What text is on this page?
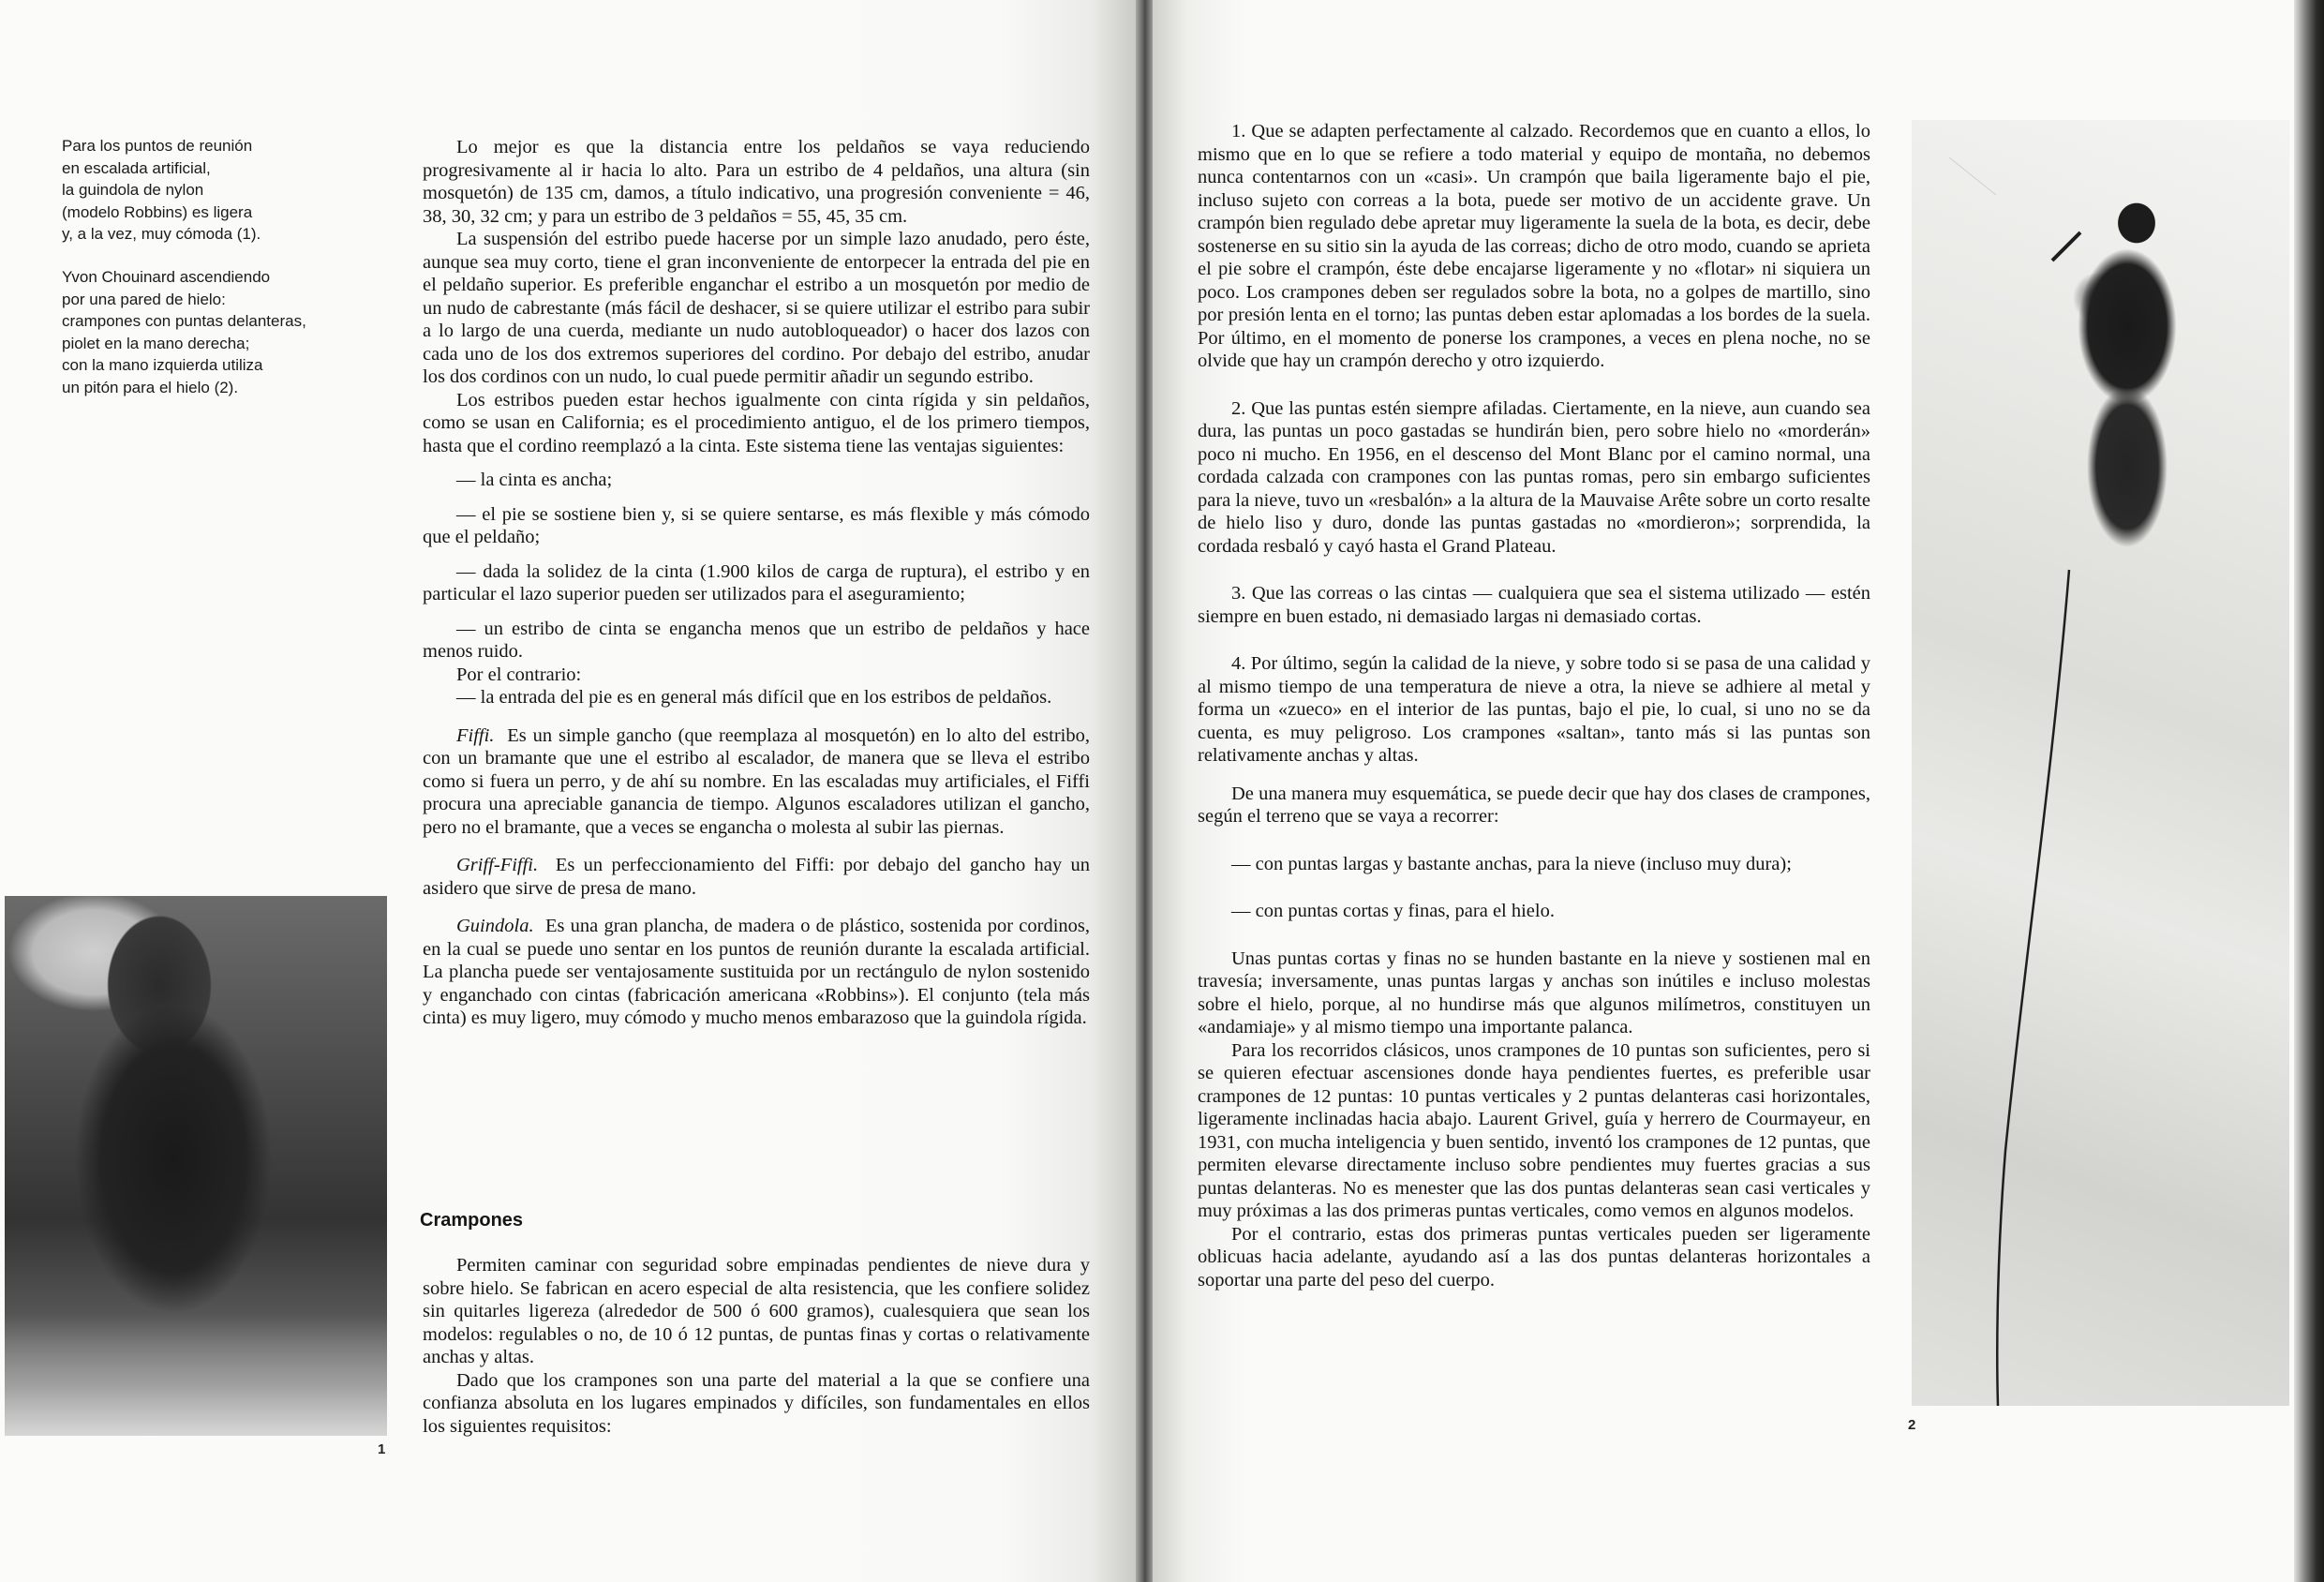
Para los puntos de reunión
en escalada artificial,
la guindola de nylon
(modelo Robbins) es ligera
y, a la vez, muy cómoda (1).
Yvon Chouinard ascendiendo
por una pared de hielo:
crampones con puntas delanteras,
piolet en la mano derecha;
con la mano izquierda utiliza
un pitón para el hielo (2).

Lo mejor es que la distancia entre los peldaños se vaya reduciendo progresivamente al ir hacia lo alto. Para un estribo de 4 peldaños, una altura (sin mosquetón) de 135 cm, damos, a título indicativo, una progresión conveniente = 46, 38, 30, 32 cm; y para un estribo de 3 peldaños = 55, 45, 35 cm.

La suspensión del estribo puede hacerse por un simple lazo anudado, pero éste, aunque sea muy corto, tiene el gran inconveniente de entorpecer la entrada del pie en el peldaño superior. Es preferible enganchar el estribo a un mosquetón por medio de un nudo de cabrestante (más fácil de deshacer, si se quiere utilizar el estribo para subir a lo largo de una cuerda, mediante un nudo autobloqueador) o hacer dos lazos con cada uno de los dos extremos superiores del cordino. Por debajo del estribo, anudar los dos cordinos con un nudo, lo cual puede permitir añadir un segundo estribo.

Los estribos pueden estar hechos igualmente con cinta rígida y sin peldaños, como se usan en California; es el procedimiento antiguo, el de los primero tiempos, hasta que el cordino reemplazó a la cinta. Este sistema tiene las ventajas siguientes:

— la cinta es ancha;

— el pie se sostiene bien y, si se quiere sentarse, es más flexible y más cómodo que el peldaño;

— dada la solidez de la cinta (1.900 kilos de carga de ruptura), el estribo y en particular el lazo superior pueden ser utilizados para el aseguramiento;

— un estribo de cinta se engancha menos que un estribo de peldaños y hace menos ruido.

Por el contrario:

— la entrada del pie es en general más difícil que en los estribos de peldaños.

Fiffi. Es un simple gancho (que reemplaza al mosquetón) en lo alto del estribo, con un bramante que une el estribo al escalador, de manera que se lleva el estribo como si fuera un perro, y de ahí su nombre. En las escaladas muy artificiales, el Fiffi procura una apreciable ganancia de tiempo. Algunos escaladores utilizan el gancho, pero no el bramante, que a veces se engancha o molesta al subir las piernas.

Griff-Fiffi. Es un perfeccionamiento del Fiffi: por debajo del gancho hay un asidero que sirve de presa de mano.

Guindola. Es una gran plancha, de madera o de plástico, sostenida por cordinos, en la cual se puede uno sentar en los puntos de reunión durante la escalada artificial. La plancha puede ser ventajosamente sustituida por un rectángulo de nylon sostenido y enganchado con cintas (fabricación americana «Robbins»). El conjunto (tela más cinta) es muy ligero, muy cómodo y mucho menos embarazoso que la guindola rígida.

Crampones

Permiten caminar con seguridad sobre empinadas pendientes de nieve dura y sobre hielo. Se fabrican en acero especial de alta resistencia, que les confiere solidez sin quitarles ligereza (alrededor de 500 ó 600 gramos), cualesquiera que sean los modelos: regulables o no, de 10 ó 12 puntas, de puntas finas y cortas o relativamente anchas y altas.

Dado que los crampones son una parte del material a la que se confiere una confianza absoluta en los lugares empinados y difíciles, son fundamentales en ellos los siguientes requisitos:

1

1. Que se adapten perfectamente al calzado. Recordemos que en cuanto a ellos, lo mismo que en lo que se refiere a todo material y equipo de montaña, no debemos nunca contentarnos con un «casi». Un crampón que baila ligeramente bajo el pie, incluso sujeto con correas a la bota, puede ser motivo de un accidente grave. Un crampón bien regulado debe apretar muy ligeramente la suela de la bota, es decir, debe sostenerse en su sitio sin la ayuda de las correas; dicho de otro modo, cuando se aprieta el pie sobre el crampón, éste debe encajarse ligeramente y no «flotar» ni siquiera un poco. Los crampones deben ser regulados sobre la bota, no a golpes de martillo, sino por presión lenta en el torno; las puntas deben estar aplomadas a los bordes de la suela. Por último, en el momento de ponerse los crampones, a veces en plena noche, no se olvide que hay un crampón derecho y otro izquierdo.

2. Que las puntas estén siempre afiladas. Ciertamente, en la nieve, aun cuando sea dura, las puntas un poco gastadas se hundirán bien, pero sobre hielo no «morderán» poco ni mucho. En 1956, en el descenso del Mont Blanc por el camino normal, una cordada calzada con crampones con las puntas romas, pero sin embargo suficientes para la nieve, tuvo un «resbalón» a la altura de la Mauvaise Arête sobre un corto resalte de hielo liso y duro, donde las puntas gastadas no «mordieron»; sorprendida, la cordada resbaló y cayó hasta el Grand Plateau.

3. Que las correas o las cintas — cualquiera que sea el sistema utilizado — estén siempre en buen estado, ni demasiado largas ni demasiado cortas.

4. Por último, según la calidad de la nieve, y sobre todo si se pasa de una calidad y al mismo tiempo de una temperatura de nieve a otra, la nieve se adhiere al metal y forma un «zueco» en el interior de las puntas, bajo el pie, lo cual, si uno no se da cuenta, es muy peligroso. Los crampones «saltan», tanto más si las puntas son relativamente anchas y altas.

De una manera muy esquemática, se puede decir que hay dos clases de crampones, según el terreno que se vaya a recorrer:

— con puntas largas y bastante anchas, para la nieve (incluso muy dura);

— con puntas cortas y finas, para el hielo.

Unas puntas cortas y finas no se hunden bastante en la nieve y sostienen mal en travesía; inversamente, unas puntas largas y anchas son inútiles e incluso molestas sobre el hielo, porque, al no hundirse más que algunos milímetros, constituyen un «andamiaje» y al mismo tiempo una importante palanca.

Para los recorridos clásicos, unos crampones de 10 puntas son suficientes, pero si se quieren efectuar ascensiones donde haya pendientes fuertes, es preferible usar crampones de 12 puntas: 10 puntas verticales y 2 puntas delanteras casi horizontales, ligeramente inclinadas hacia abajo. Laurent Grivel, guía y herrero de Courmayeur, en 1931, con mucha inteligencia y buen sentido, inventó los crampones de 12 puntas, que permiten elevarse directamente incluso sobre pendientes muy fuertes gracias a sus puntas delanteras. No es menester que las dos puntas delanteras sean casi verticales y muy próximas a las dos primeras puntas verticales, como vemos en algunos modelos.

Por el contrario, estas dos primeras puntas verticales pueden ser ligeramente oblicuas hacia adelante, ayudando así a las dos puntas delanteras horizontales a soportar una parte del peso del cuerpo.

2
